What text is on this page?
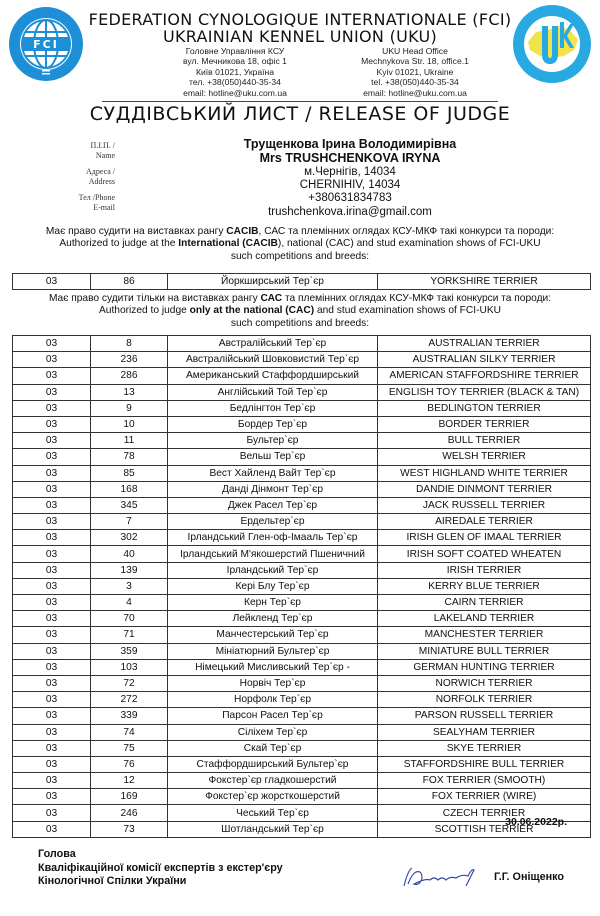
FCI
FEDERATION CYNOLOGIQUE INTERNATIONALE (FCI)
UKRAINIAN KENNEL UNION (UKU)
Головне Управління КСУ
вул. Мечникова 18, офіс 1
Київ 01021, Україна
тел. +38(050)440-35-34
email: hotline@uku.com.ua
UKU Head Office
Mechnykova Str. 18, office.1
Kyiv 01021, Ukraine
tel. +38(050)440-35-34
email: hotline@uku.com.ua
СУДДІВСЬКИЙ ЛИСТ / RELEASE OF JUDGE
П.І.П. /
Name
Адреса /
Address
Тел /Phone
E-mail
Трущенкова Ірина Володимирівна
Mrs TRUSHCHENKOVA IRYNA
м.Чернігів, 14034
CHERNIHIV, 14034
+380631834783
trushchenkova.irina@gmail.com
Має право судити на виставках рангу CACIB, САС та племінних оглядах КСУ-МКФ такі конкурси та породи:
Authorized to judge at the International (CACIB), national (CAC) and stud examination shows of FCI-UKU
such competitions and breeds:
03	86	Йоркширський Тер`єр	YORKSHIRE TERRIER
Має право судити тільки на виставках рангу САС та племінних оглядах КСУ-МКФ такі конкурси та породи:
Authorized to judge only at the national (CAC) and stud examination shows of FCI-UKU
such competitions and breeds:
03	8	Австралійський Тер`єр	AUSTRALIAN TERRIER
03	236	Австралійський Шовковистий Тер`єр	AUSTRALIAN SILKY TERRIER
03	286	Американський Стаффордширський	AMERICAN STAFFORDSHIRE TERRIER
03	13	Англійський Той Тер`єр	ENGLISH TOY TERRIER (BLACK & TAN)
03	9	Бедлінгтон Тер`єр	BEDLINGTON TERRIER
03	10	Бордер Тер`єр	BORDER TERRIER
03	11	Бультер`єр	BULL TERRIER
03	78	Вельш Тер`єр	WELSH TERRIER
03	85	Вест Хайленд Вайт Тер`єр	WEST HIGHLAND WHITE TERRIER
03	168	Данді Дінмонт Тер`єр	DANDIE DINMONT TERRIER
03	345	Джек Расел Тер`єр	JACK RUSSELL TERRIER
03	7	Ердельтер`єр	AIREDALE TERRIER
03	302	Ірландський Глен-оф-Імааль Тер`єр	IRISH GLEN OF IMAAL TERRIER
03	40	Ірландський М'якошерстий Пшеничний	IRISH SOFT COATED WHEATEN
03	139	Ірландський Тер`єр	IRISH TERRIER
03	3	Кері Блу Тер`єр	KERRY BLUE TERRIER
03	4	Керн Тер`єр	CAIRN TERRIER
03	70	Лейкленд Тер`єр	LAKELAND TERRIER
03	71	Манчестерський Тер`єр	MANCHESTER TERRIER
03	359	Мініатюрний Бультер`єр	MINIATURE BULL TERRIER
03	103	Німецький Мисливський Тер`єр -	GERMAN HUNTING TERRIER
03	72	Норвіч Тер`єр	NORWICH TERRIER
03	272	Норфолк Тер`єр	NORFOLK TERRIER
03	339	Парсон Расел Тер`єр	PARSON RUSSELL TERRIER
03	74	Сіліхем Тер`єр	SEALYHAM TERRIER
03	75	Скай Тер`єр	SKYE TERRIER
03	76	Стаффордширський Бультер`єр	STAFFORDSHIRE BULL TERRIER
03	12	Фокстер`єр гладкошерстий	FOX TERRIER (SMOOTH)
03	169	Фокстер`єр жорсткошерстий	FOX TERRIER (WIRE)
03	246	Чеський Тер`єр	CZECH TERRIER
03	73	Шотландський Тер`єр	SCOTTISH TERRIER
30.06.2022р.
Голова
Кваліфікаційної комісії експертів з екстер'єру
Кінологічної Спілки України	Г.Г. Оніщенко
